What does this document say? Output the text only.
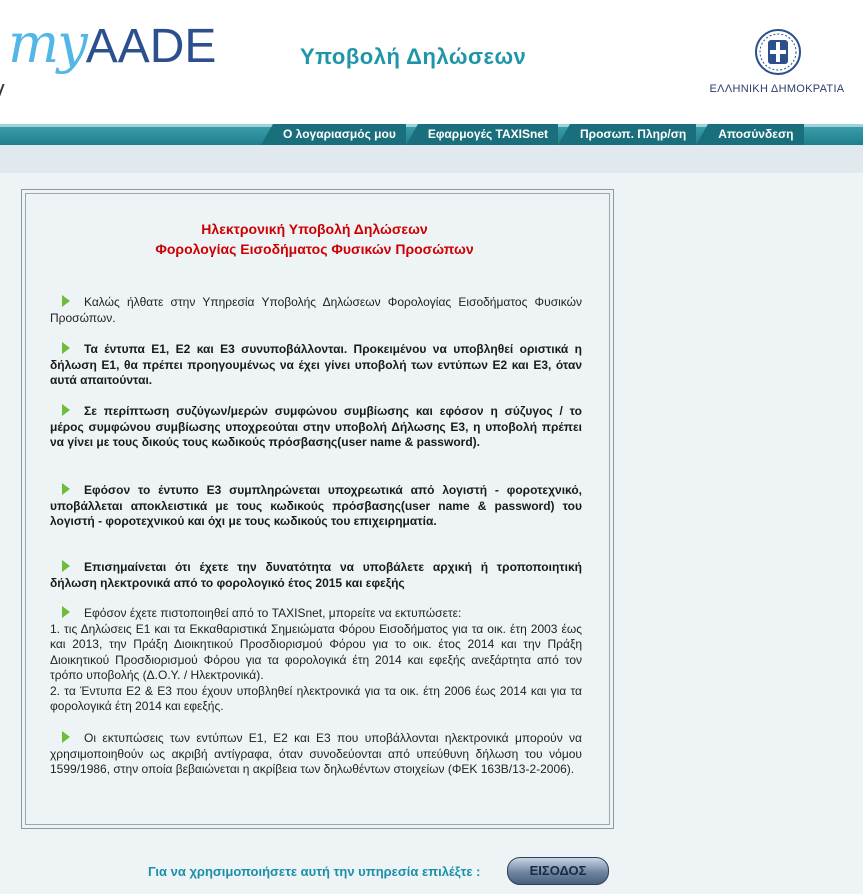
myAADE	Υποβολή Δηλώσεων
ΕΛΛΗΝΙΚΗ ΔΗΜΟΚΡΑΤΙΑ
Ο λογαριασμός μου	Εφαρμογές TAXISnet	Προσωπ. Πληρ/ση	Αποσύνδεση
Ηλεκτρονική Υποβολή Δηλώσεων
Φορολογίας Εισοδήματος Φυσικών Προσώπων
Καλώς ήλθατε στην Υπηρεσία Υποβολής Δηλώσεων Φορολογίας Εισοδήματος Φυσικών Προσώπων.
Τα έντυπα Ε1, Ε2 και Ε3 συνυποβάλλονται. Προκειμένου να υποβληθεί οριστικά η δήλωση Ε1, θα πρέπει προηγουμένως να έχει γίνει υποβολή των εντύπων Ε2 και Ε3, όταν αυτά απαιτούνται.
Σε περίπτωση συζύγων/μερών συμφώνου συμβίωσης και εφόσον η σύζυγος / το μέρος συμφώνου συμβίωσης υποχρεούται στην υποβολή Δήλωσης Ε3, η υποβολή πρέπει να γίνει με τους δικούς τους κωδικούς πρόσβασης(user name & password).
Εφόσον το έντυπο Ε3 συμπληρώνεται υποχρεωτικά από λογιστή - φοροτεχνικό, υποβάλλεται αποκλειστικά με τους κωδικούς πρόσβασης(user name & password) του λογιστή - φοροτεχνικού και όχι με τους κωδικούς του επιχειρηματία.
Επισημαίνεται ότι έχετε την δυνατότητα να υποβάλετε αρχική ή τροποποιητική δήλωση ηλεκτρονικά από το φορολογικό έτος 2015 και εφεξής
Εφόσον έχετε πιστοποιηθεί από το TAXISnet, μπορείτε να εκτυπώσετε:
1. τις Δηλώσεις Ε1 και τα Εκκαθαριστικά Σημειώματα Φόρου Εισοδήματος για τα οικ. έτη 2003 έως και 2013, την Πράξη Διοικητικού Προσδιορισμού Φόρου για το οικ. έτος 2014 και την Πράξη Διοικητικού Προσδιορισμού Φόρου για τα φορολογικά έτη 2014 και εφεξής ανεξάρτητα από τον τρόπο υποβολής (Δ.Ο.Υ. / Ηλεκτρονικά).
2. τα Έντυπα Ε2 & Ε3 που έχουν υποβληθεί ηλεκτρονικά για τα οικ. έτη 2006 έως 2014 και για τα φορολογικά έτη 2014 και εφεξής.
Οι εκτυπώσεις των εντύπων Ε1, Ε2 και Ε3 που υποβάλλονται ηλεκτρονικά μπορούν να χρησιμοποιηθούν ως ακριβή αντίγραφα, όταν συνοδεύονται από υπεύθυνη δήλωση του νόμου 1599/1986, στην οποία βεβαιώνεται η ακρίβεια των δηλωθέντων στοιχείων (ΦΕΚ 163Β/13-2-2006).
Για να χρησιμοποιήσετε αυτή την υπηρεσία επιλέξτε :	ΕΙΣΟΔΟΣ
